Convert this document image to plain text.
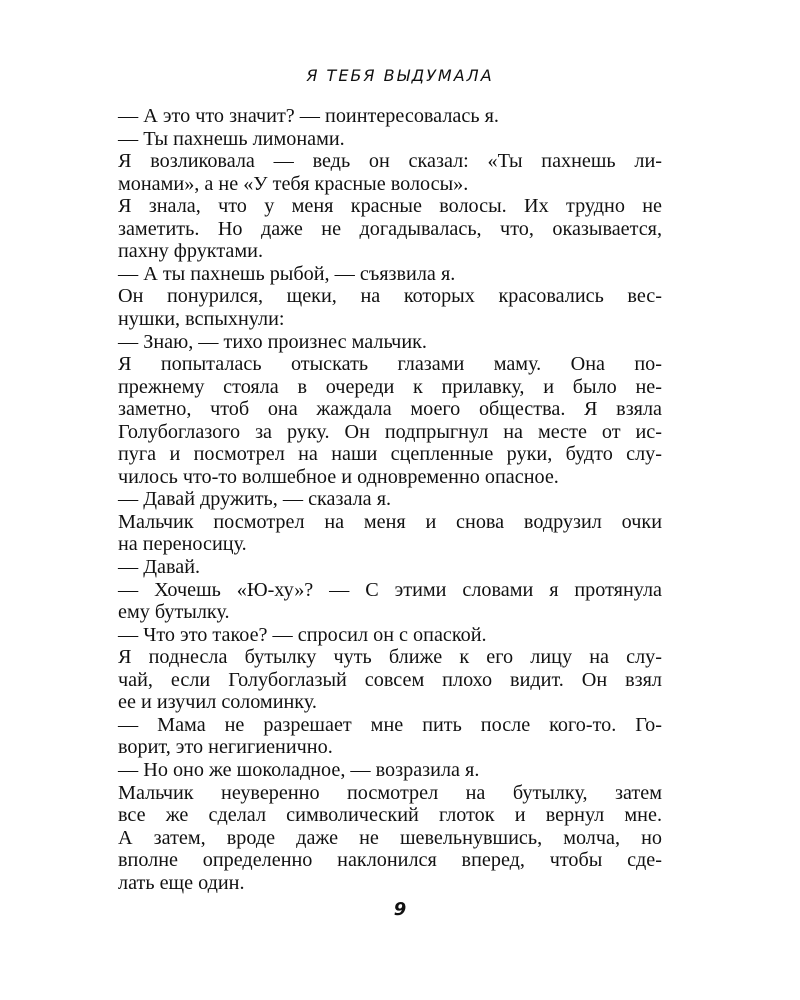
Я ТЕБЯ ВЫДУМАЛА
— А это что значит? — поинтересовалась я.
— Ты пахнешь лимонами.
Я возликовала — ведь он сказал: «Ты пахнешь ли-
монами», а не «У тебя красные волосы».
Я знала, что у меня красные волосы. Их трудно не
заметить. Но даже не догадывалась, что, оказывается,
пахну фруктами.
— А ты пахнешь рыбой, — съязвила я.
Он понурился, щеки, на которых красовались вес-
нушки, вспыхнули:
— Знаю, — тихо произнес мальчик.
Я попыталась отыскать глазами маму. Она по-
прежнему стояла в очереди к прилавку, и было не-
заметно, чтоб она жаждала моего общества. Я взяла
Голубоглазого за руку. Он подпрыгнул на месте от ис-
пуга и посмотрел на наши сцепленные руки, будто слу-
чилось что-то волшебное и одновременно опасное.
— Давай дружить, — сказала я.
Мальчик посмотрел на меня и снова водрузил очки
на переносицу.
— Давай.
— Хочешь «Ю-ху»? — С этими словами я протянула
ему бутылку.
— Что это такое? — спросил он с опаской.
Я поднесла бутылку чуть ближе к его лицу на слу-
чай, если Голубоглазый совсем плохо видит. Он взял
ее и изучил соломинку.
— Мама не разрешает мне пить после кого-то. Го-
ворит, это негигиенично.
— Но оно же шоколадное, — возразила я.
Мальчик неуверенно посмотрел на бутылку, затем
все же сделал символический глоток и вернул мне.
А затем, вроде даже не шевельнувшись, молча, но
вполне определенно наклонился вперед, чтобы сде-
лать еще один.
9
